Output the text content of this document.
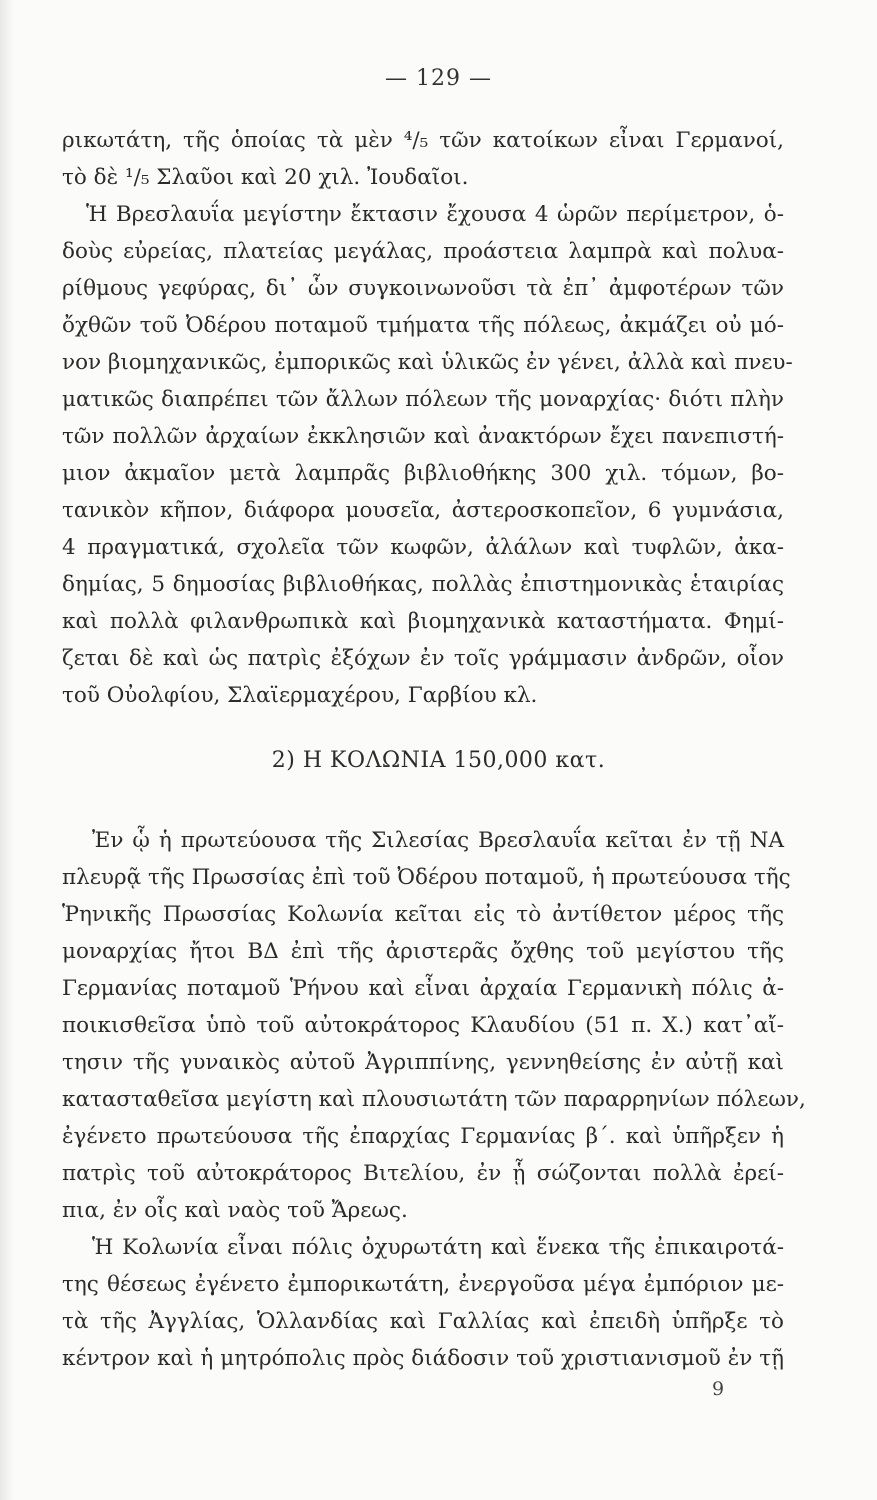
— 129 —
ρικωτάτη, τῆς ὁποίας τὰ μὲν ⁴/₅ τῶν κατοίκων εἶναι Γερμανοί,
τὸ δὲ ¹/₅ Σλαῦοι καὶ 20 χιλ. Ἰουδαῖοι.
Ἡ Βρεσλαυΐα μεγίστην ἔκτασιν ἔχουσα 4 ὡρῶν περίμετρον, ὁ-
δοὺς εὐρείας, πλατείας μεγάλας, προάστεια λαμπρὰ καὶ πολυα-
ρίθμους γεφύρας, δι᾽ ὧν συγκοινωνοῦσι τὰ ἐπ᾽ ἀμφοτέρων τῶν
ὄχθῶν τοῦ Ὀδέρου ποταμοῦ τμήματα τῆς πόλεως, ἀκμάζει οὐ μό-
νον βιομηχανικῶς, ἐμπορικῶς καὶ ὑλικῶς ἐν γένει, ἀλλὰ καὶ πνευ-
ματικῶς διαπρέπει τῶν ἄλλων πόλεων τῆς μοναρχίας· διότι πλὴν
τῶν πολλῶν ἀρχαίων ἐκκλησιῶν καὶ ἀνακτόρων ἔχει πανεπιστή-
μιον ἀκμαῖον μετὰ λαμπρᾶς βιβλιοθήκης 300 χιλ. τόμων, βο-
τανικὸν κῆπον, διάφορα μουσεῖα, ἀστεροσκοπεῖον, 6 γυμνάσια,
4 πραγματικά, σχολεῖα τῶν κωφῶν, ἀλάλων καὶ τυφλῶν, ἀκα-
δημίας, 5 δημοσίας βιβλιοθήκας, πολλὰς ἐπιστημονικὰς ἑταιρίας
καὶ πολλὰ φιλανθρωπικὰ καὶ βιομηχανικὰ καταστήματα. Φημί-
ζεται δὲ καὶ ὡς πατρὶς ἐξόχων ἐν τοῖς γράμμασιν ἀνδρῶν, οἷον
τοῦ Οὐολφίου, Σλαϊερμαχέρου, Γαρβίου κλ.
2) Η ΚΟΛΩΝΙΑ 150,000 κατ.
Ἐν ᾧ ἡ πρωτεύουσα τῆς Σιλεσίας Βρεσλαυΐα κεῖται ἐν τῇ ΝΑ
πλευρᾷ τῆς Πρωσσίας ἐπὶ τοῦ Ὀδέρου ποταμοῦ, ἡ πρωτεύουσα τῆς
Ῥηνικῆς Πρωσσίας Κολωνία κεῖται εἰς τὸ ἀντίθετον μέρος τῆς
μοναρχίας ἤτοι ΒΔ ἐπὶ τῆς ἀριστερᾶς ὄχθης τοῦ μεγίστου τῆς
Γερμανίας ποταμοῦ Ῥήνου καὶ εἶναι ἀρχαία Γερμανικὴ πόλις ἀ-
ποικισθεῖσα ὑπὸ τοῦ αὐτοκράτορος Κλαυδίου (51 π. Χ.) κατ᾽αἴ-
τησιν τῆς γυναικὸς αὐτοῦ Ἀγριππίνης, γεννηθείσης ἐν αὐτῇ καὶ
κατασταθεῖσα μεγίστη καὶ πλουσιωτάτη τῶν παραρρηνίων πόλεων,
ἐγένετο πρωτεύουσα τῆς ἐπαρχίας Γερμανίας β΄. καὶ ὑπῆρξεν ἡ
πατρὶς τοῦ αὐτοκράτορος Βιτελίου, ἐν ᾗ σώζονται πολλὰ ἐρεί-
πια, ἐν οἷς καὶ ναὸς τοῦ Ἄρεως.
Ἡ Κολωνία εἶναι πόλις ὀχυρωτάτη καὶ ἕνεκα τῆς ἐπικαιροτά-
της θέσεως ἐγένετο ἐμπορικωτάτη, ἐνεργοῦσα μέγα ἐμπόριον με-
τὰ τῆς Ἀγγλίας, Ὁλλανδίας καὶ Γαλλίας καὶ ἐπειδὴ ὑπῆρξε τὸ
κέντρον καὶ ἡ μητρόπολις πρὸς διάδοσιν τοῦ χριστιανισμοῦ ἐν τῇ
9
